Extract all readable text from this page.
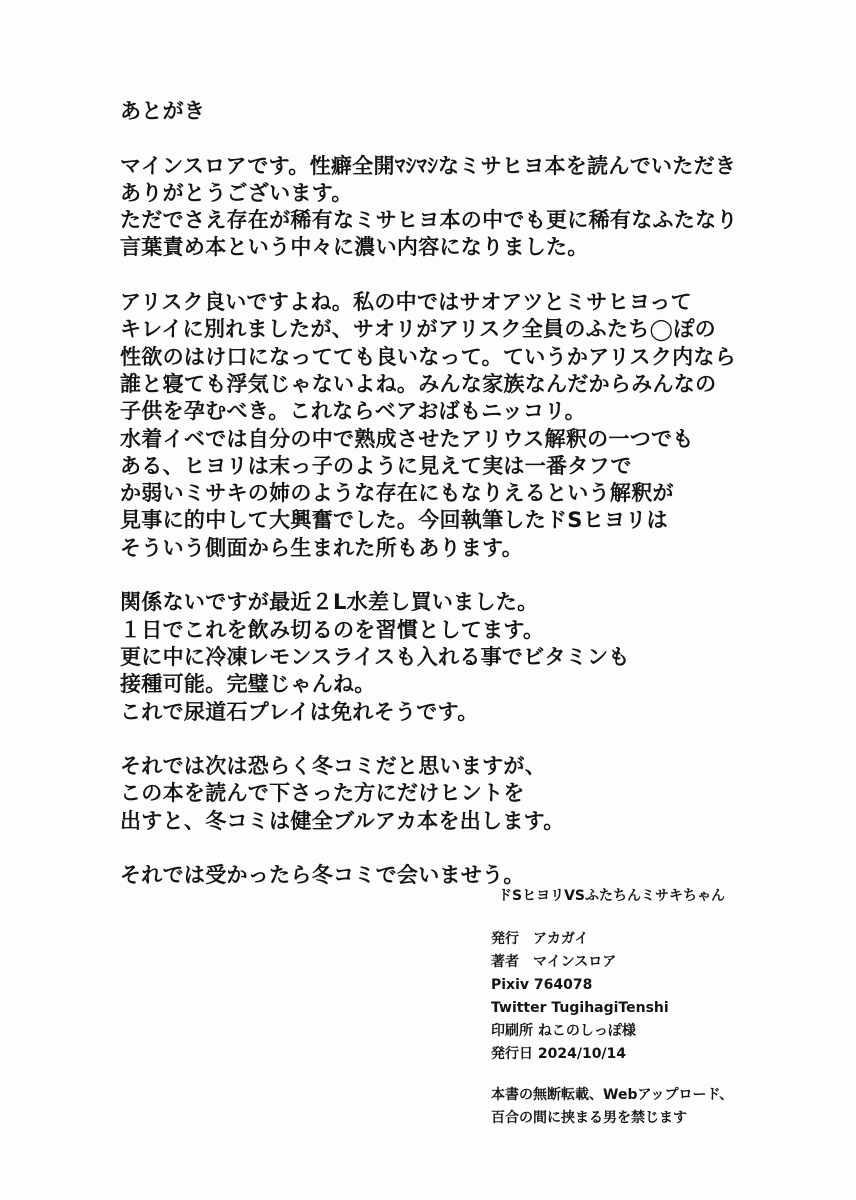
あとがき
マインスロアです。性癖全開ﾏｼﾏｼなミサヒヨ本を読んでいただき
ありがとうございます。
ただでさえ存在が稀有なミサヒヨ本の中でも更に稀有なふたなり
言葉責め本という中々に濃い内容になりました。
アリスク良いですよね。私の中ではサオアツとミサヒヨって
キレイに別れましたが、サオリがアリスク全員のふたち◯ぽの
性欲のはけ口になってても良いなって。ていうかアリスク内なら
誰と寝ても浮気じゃないよね。みんな家族なんだからみんなの
子供を孕むべき。これならベアおばもニッコリ。
水着イベでは自分の中で熟成させたアリウス解釈の一つでも
ある、ヒヨリは末っ子のように見えて実は一番タフで
か弱いミサキの姉のような存在にもなりえるという解釈が
見事に的中して大興奮でした。今回執筆したドSヒヨリは
そういう側面から生まれた所もあります。
関係ないですが最近２L水差し買いました。
１日でこれを飲み切るのを習慣としてます。
更に中に冷凍レモンスライスも入れる事でビタミンも
接種可能。完璧じゃんね。
これで尿道石プレイは免れそうです。
それでは次は恐らく冬コミだと思いますが、
この本を読んで下さった方にだけヒントを
出すと、冬コミは健全ブルアカ本を出します。
それでは受かったら冬コミで会いませう。
ドSヒヨリVSふたちんミサキちゃん
発行　アカガイ
著者　マインスロア
Pixiv 764078
Twitter TugihagiTenshi
印刷所 ねこのしっぽ様
発行日 2024/10/14
本書の無断転載、Webアップロード、
百合の間に挟まる男を禁じます
